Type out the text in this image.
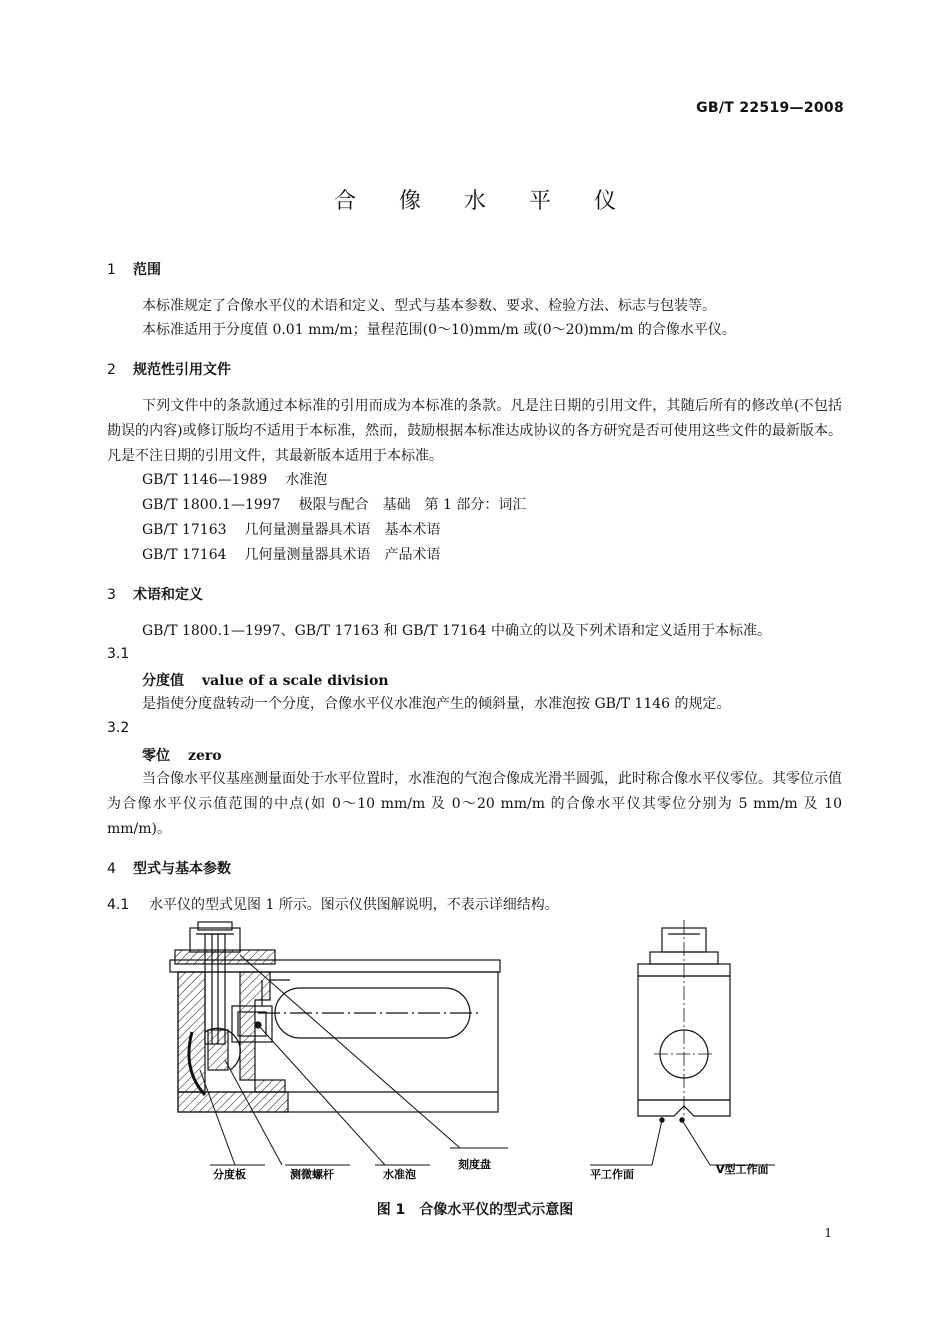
GB/T 22519—2008
合 像 水 平 仪
1 范围
本标准规定了合像水平仪的术语和定义、型式与基本参数、要求、检验方法、标志与包装等。
本标准适用于分度值 0.01 mm/m；量程范围(0～10)mm/m 或(0～20)mm/m 的合像水平仪。
2 规范性引用文件
下列文件中的条款通过本标准的引用而成为本标准的条款。凡是注日期的引用文件，其随后所有的修改单(不包括勘误的内容)或修订版均不适用于本标准，然而，鼓励根据本标准达成协议的各方研究是否可使用这些文件的最新版本。凡是不注日期的引用文件，其最新版本适用于本标准。
GB/T 1146—1989 水准泡
GB/T 1800.1—1997 极限与配合　基础　第 1 部分：词汇
GB/T 17163 几何量测量器具术语　基本术语
GB/T 17164 几何量测量器具术语　产品术语
3 术语和定义
GB/T 1800.1—1997、GB/T 17163 和 GB/T 17164 中确立的以及下列术语和定义适用于本标准。
3.1
分度值 value of a scale division
是指使分度盘转动一个分度，合像水平仪水准泡产生的倾斜量，水准泡按 GB/T 1146 的规定。
3.2
零位 zero
当合像水平仪基座测量面处于水平位置时，水准泡的气泡合像成光滑半圆弧，此时称合像水平仪零位。其零位示值为合像水平仪示值范围的中点(如 0～10 mm/m 及 0～20 mm/m 的合像水平仪其零位分别为 5 mm/m 及 10 mm/m)。
4 型式与基本参数
4.1 水平仪的型式见图 1 所示。图示仪供图解说明，不表示详细结构。
分度板	测微螺杆	水准泡
刻度盘
平工作面	V型工作面
图 1　合像水平仪的型式示意图
1
